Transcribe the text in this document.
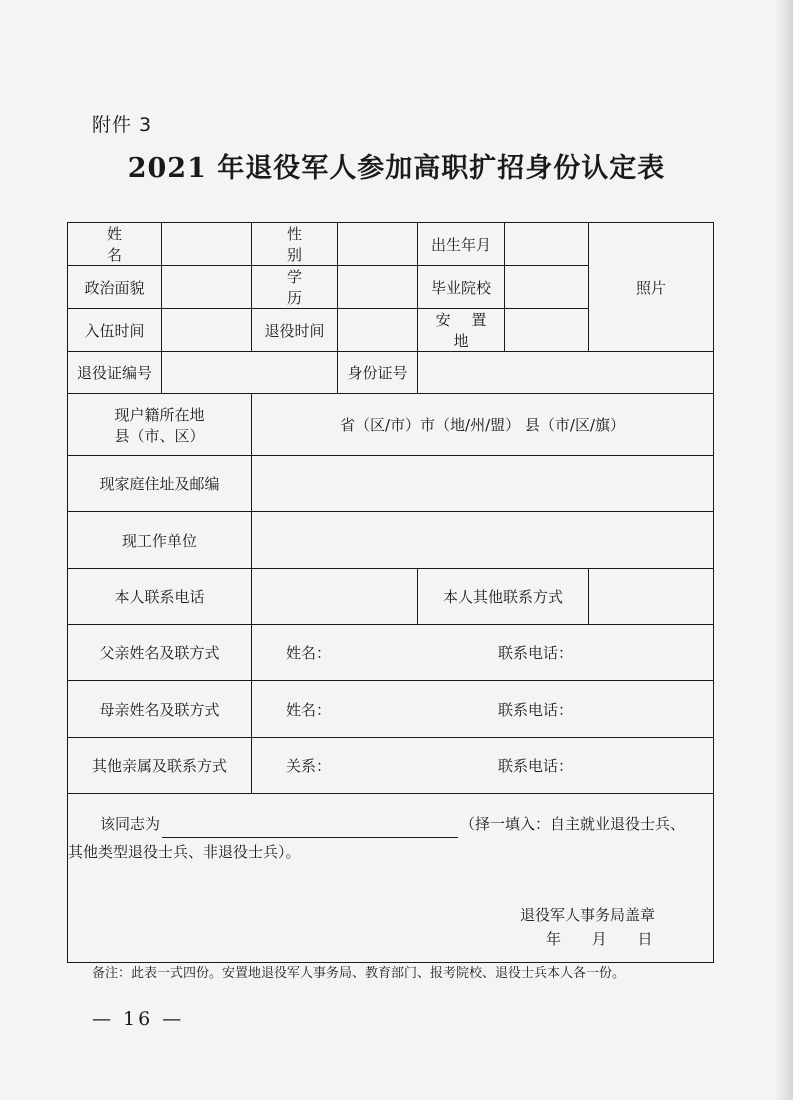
附件 3
2021 年退役军人参加高职扩招身份认定表
姓 名		性 别		出生年月		照片
政治面貌		学 历		毕业院校		
入伍时间		退役时间		安 置 地		
退役证编号			身份证号			

现户籍所在地
县（市、区）		省（区/市）市（地/州/盟） 县（市/区/旗）				
现家庭住址及邮编						
现工作单位						
本人联系电话				本人其他联系方式		
父亲姓名及联方式		姓名： 联系电话：				

母亲姓名及联方式		姓名： 联系电话：				

其他亲属及联系方式		关系： 联系电话：				

该同志为 （择一填入：自主就业退役士兵、
其他类型退役士兵、非退役士兵）。
退役军人事务局盖章
年 月 日						
备注：此表一式四份。安置地退役军人事务局、教育部门、报考院校、退役士兵本人各一份。
— 16 —
